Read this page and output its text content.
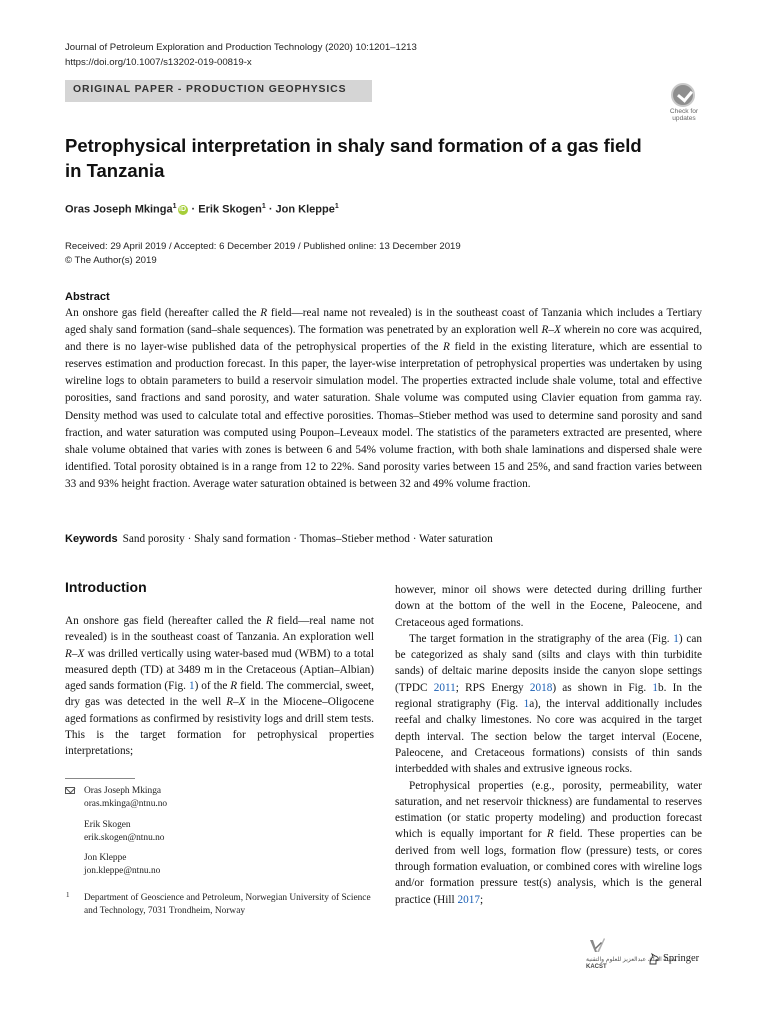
Journal of Petroleum Exploration and Production Technology (2020) 10:1201–1213
https://doi.org/10.1007/s13202-019-00819-x
ORIGINAL PAPER - PRODUCTION GEOPHYSICS
Check for
updates
Petrophysical interpretation in shaly sand formation of a gas field
in Tanzania
Oras Joseph Mkinga$^1$ iD · Erik Skogen$^1$ · Jon Kleppe$^1$
Received: 29 April 2019 / Accepted: 6 December 2019 / Published online: 13 December 2019
© The Author(s) 2019
Abstract

An onshore gas field (hereafter called the R field—real name not revealed) is in the southeast coast of Tanzania which includes a Tertiary aged shaly sand formation (sand–shale sequences). The formation was penetrated by an exploration well R–X wherein no core was acquired, and there is no layer-wise published data of the petrophysical properties of the R field in the existing literature, which are essential to reserves estimation and production forecast. In this paper, the layer-wise interpretation of petrophysical properties was undertaken by using wireline logs to obtain parameters to build a reservoir simulation model. The properties extracted include shale volume, total and effective porosities, sand fractions and sand porosity, and water saturation. Shale volume was computed using Clavier equation from gamma ray. Density method was used to calculate total and effective porosities. Thomas–Stieber method was used to determine sand porosity and sand fraction, and water saturation was computed using Poupon–Leveaux model. The statistics of the parameters extracted are presented, where shale volume obtained that varies with zones is between 6 and 54% volume fraction, with both shale laminations and dispersed shale were identified. Total porosity obtained is in a range from 12 to 22%. Sand porosity varies between 15 and 25%, and sand fraction varies between 33 and 93% height fraction. Average water saturation obtained is between 32 and 49% volume fraction.

Keywords Sand porosity · Shaly sand formation · Thomas–Stieber method · Water saturation
Introduction

An onshore gas field (hereafter called the R field—real name not revealed) is in the southeast coast of Tanzania. An exploration well R–X was drilled vertically using water-based mud (WBM) to a total measured depth (TD) at 3489 m in the Cretaceous (Aptian–Albian) aged sands formation (Fig. 1) of the R field. The commercial, sweet, dry gas was detected in the well R–X in the Miocene–Oligocene aged formations as confirmed by resistivity logs and drill stem tests. This is the target formation for petrophysical properties interpretations;

however, minor oil shows were detected during drilling further down at the bottom of the well in the Eocene, Paleocene, and Cretaceous aged formations.

The target formation in the stratigraphy of the area (Fig. 1) can be categorized as shaly sand (silts and clays with thin turbidite sands) of deltaic marine deposits inside the canyon slope settings (TPDC 2011; RPS Energy 2018) as shown in Fig. 1b. In the regional stratigraphy (Fig. 1a), the interval additionally includes reefal and chalky limestones. No core was acquired in the target depth interval. The section below the target interval (Eocene, Paleocene, and Cretaceous formations) consists of thin sands interbedded with shales and extrusive igneous rocks.

Petrophysical properties (e.g., porosity, permeability, water saturation, and net reservoir thickness) are fundamental to reserves estimation (or static property modeling) and production forecast which is equally important for R field. These properties can be derived from well logs, formation flow (pressure) tests, or cores through formation evaluation, or combined cores with wireline logs and/or formation pressure test(s) analysis, which is the general practice (Hill 2017;

Oras Joseph Mkinga
oras.mkinga@ntnu.no
Erik Skogen
erik.skogen@ntnu.no
Jon Kleppe
jon.kleppe@ntnu.no
1 Department of Geoscience and Petroleum, Norwegian University of Science and Technology, 7031 Trondheim, Norway
مدينة الملك عبدالعزيز للعلوم والتقنية
KACST
Springer
